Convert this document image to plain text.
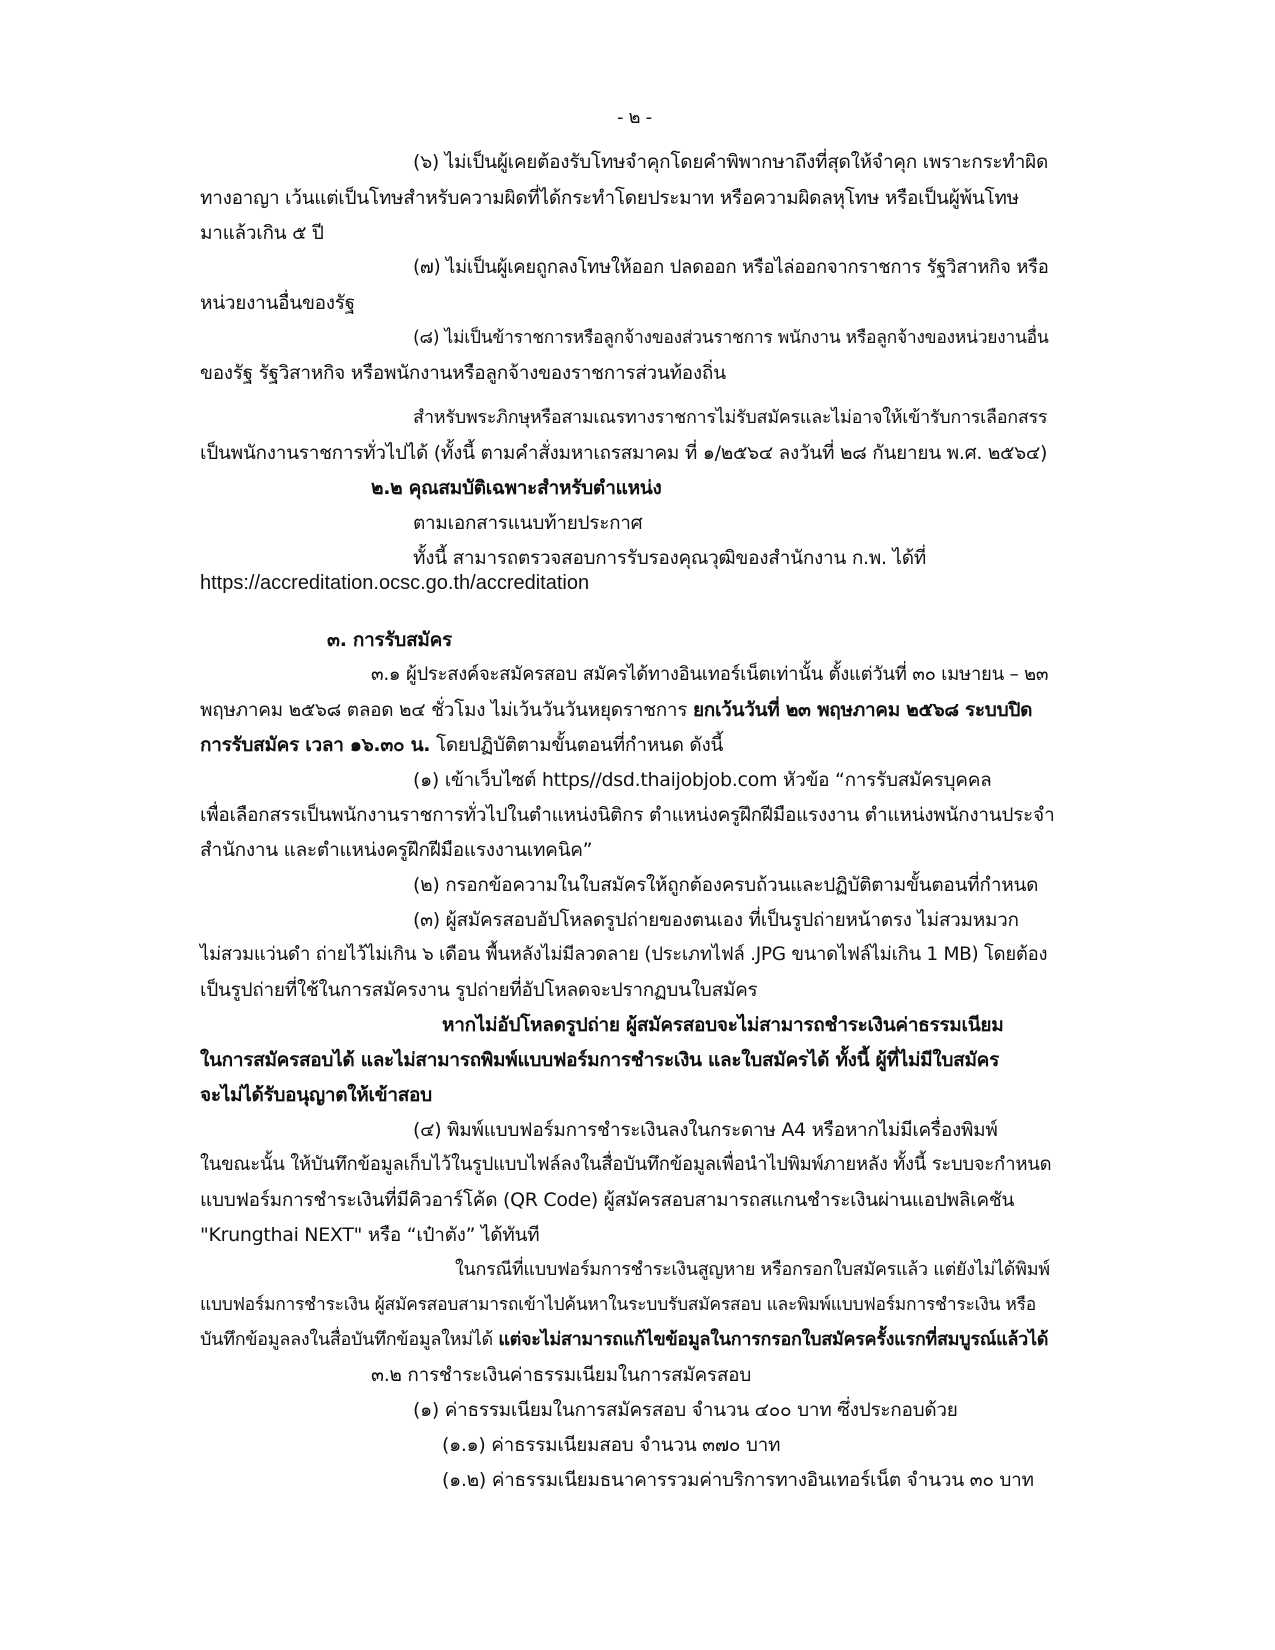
- ๒ -
(๖) ไม่เป็นผู้เคยต้องรับโทษจำคุกโดยคำพิพากษาถึงที่สุดให้จำคุก เพราะกระทำผิด
ทางอาญา เว้นแต่เป็นโทษสำหรับความผิดที่ได้กระทำโดยประมาท หรือความผิดลหุโทษ หรือเป็นผู้พ้นโทษ
มาแล้วเกิน ๕ ปี
(๗) ไม่เป็นผู้เคยถูกลงโทษให้ออก ปลดออก หรือไล่ออกจากราชการ รัฐวิสาหกิจ หรือ
หน่วยงานอื่นของรัฐ
(๘) ไม่เป็นข้าราชการหรือลูกจ้างของส่วนราชการ พนักงาน หรือลูกจ้างของหน่วยงานอื่น
ของรัฐ รัฐวิสาหกิจ หรือพนักงานหรือลูกจ้างของราชการส่วนท้องถิ่น
สำหรับพระภิกษุหรือสามเณรทางราชการไม่รับสมัครและไม่อาจให้เข้ารับการเลือกสรร
เป็นพนักงานราชการทั่วไปได้ (ทั้งนี้ ตามคำสั่งมหาเถรสมาคม ที่ ๑/๒๕๖๔ ลงวันที่ ๒๘ กันยายน พ.ศ. ๒๕๖๔)
๒.๒ คุณสมบัติเฉพาะสำหรับตำแหน่ง
ตามเอกสารแนบท้ายประกาศ
ทั้งนี้ สามารถตรวจสอบการรับรองคุณวุฒิของสำนักงาน ก.พ. ได้ที่
https://accreditation.ocsc.go.th/accreditation
๓. การรับสมัคร
๓.๑ ผู้ประสงค์จะสมัครสอบ สมัครได้ทางอินเทอร์เน็ตเท่านั้น ตั้งแต่วันที่ ๓๐ เมษายน – ๒๓
พฤษภาคม ๒๕๖๘ ตลอด ๒๔ ชั่วโมง ไม่เว้นวันวันหยุดราชการ ยกเว้นวันที่ ๒๓ พฤษภาคม ๒๕๖๘ ระบบปิด
การรับสมัคร เวลา ๑๖.๓๐ น. โดยปฏิบัติตามขั้นตอนที่กำหนด ดังนี้
(๑) เข้าเว็บไซต์ https//dsd.thaijobjob.com หัวข้อ “การรับสมัครบุคคล
เพื่อเลือกสรรเป็นพนักงานราชการทั่วไปในตำแหน่งนิติกร ตำแหน่งครูฝึกฝีมือแรงงาน ตำแหน่งพนักงานประจำ
สำนักงาน และตำแหน่งครูฝึกฝีมือแรงงานเทคนิค”
(๒) กรอกข้อความในใบสมัครให้ถูกต้องครบถ้วนและปฏิบัติตามขั้นตอนที่กำหนด
(๓) ผู้สมัครสอบอัปโหลดรูปถ่ายของตนเอง ที่เป็นรูปถ่ายหน้าตรง ไม่สวมหมวก
ไม่สวมแว่นดำ ถ่ายไว้ไม่เกิน ๖ เดือน พื้นหลังไม่มีลวดลาย (ประเภทไฟล์ .JPG ขนาดไฟล์ไม่เกิน 1 MB) โดยต้อง
เป็นรูปถ่ายที่ใช้ในการสมัครงาน รูปถ่ายที่อัปโหลดจะปรากฏบนใบสมัคร
หากไม่อัปโหลดรูปถ่าย ผู้สมัครสอบจะไม่สามารถชำระเงินค่าธรรมเนียม
ในการสมัครสอบได้ และไม่สามารถพิมพ์แบบฟอร์มการชำระเงิน และใบสมัครได้ ทั้งนี้ ผู้ที่ไม่มีใบสมัคร
จะไม่ได้รับอนุญาตให้เข้าสอบ
(๔) พิมพ์แบบฟอร์มการชำระเงินลงในกระดาษ A4 หรือหากไม่มีเครื่องพิมพ์
ในขณะนั้น ให้บันทึกข้อมูลเก็บไว้ในรูปแบบไฟล์ลงในสื่อบันทึกข้อมูลเพื่อนำไปพิมพ์ภายหลัง ทั้งนี้ ระบบจะกำหนด
แบบฟอร์มการชำระเงินที่มีคิวอาร์โค้ด (QR Code) ผู้สมัครสอบสามารถสแกนชำระเงินผ่านแอปพลิเคชัน
"Krungthai NEXT" หรือ “เป๋าตัง” ได้ทันที
ในกรณีที่แบบฟอร์มการชำระเงินสูญหาย หรือกรอกใบสมัครแล้ว แต่ยังไม่ได้พิมพ์
แบบฟอร์มการชำระเงิน ผู้สมัครสอบสามารถเข้าไปค้นหาในระบบรับสมัครสอบ และพิมพ์แบบฟอร์มการชำระเงิน หรือ
บันทึกข้อมูลลงในสื่อบันทึกข้อมูลใหม่ได้ แต่จะไม่สามารถแก้ไขข้อมูลในการกรอกใบสมัครครั้งแรกที่สมบูรณ์แล้วได้
๓.๒ การชำระเงินค่าธรรมเนียมในการสมัครสอบ
(๑) ค่าธรรมเนียมในการสมัครสอบ จำนวน ๔๐๐ บาท ซึ่งประกอบด้วย
(๑.๑) ค่าธรรมเนียมสอบ จำนวน ๓๗๐ บาท
(๑.๒) ค่าธรรมเนียมธนาคารรวมค่าบริการทางอินเทอร์เน็ต จำนวน ๓๐ บาท
